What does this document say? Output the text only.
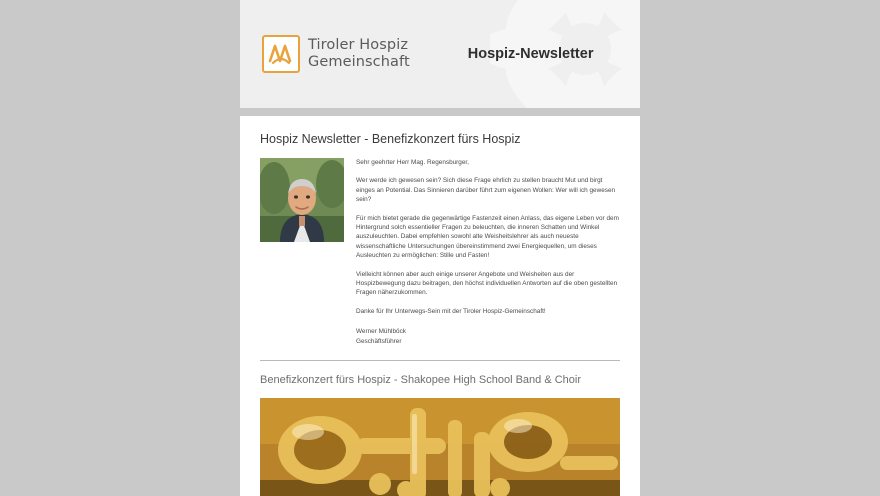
Tiroler Hospiz
Gemeinschaft	Hospiz-Newsletter
Hospiz Newsletter - Benefizkonzert fürs Hospiz

Sehr geehrter Herr Mag. Regensburger,

Wer werde ich gewesen sein? Sich diese Frage ehrlich zu stellen braucht Mut und birgt einges an Potential. Das Sinnieren darüber führt zum eigenen Wollen: Wer will ich gewesen sein?

Für mich bietet gerade die gegenwärtige Fastenzeit einen Anlass, das eigene Leben vor dem Hintergrund solch essentieller Fragen zu beleuchten, die inneren Schatten und Winkel auszuleuchten. Dabei empfehlen sowohl alte Weisheitslehrer als auch neueste wissenschaftliche Untersuchungen übereinstimmend zwei Energiequellen, um dieses Ausleuchten zu ermöglichen: Stille und Fasten!

Vielleicht können aber auch einige unserer Angebote und Weisheiten aus der Hospizbewegung dazu beitragen, den höchst individuellen Antworten auf die oben gestellten Fragen näherzukommen.

Danke für Ihr Unterwegs-Sein mit der Tiroler Hospiz-Gemeinschaft!

Werner Mühlböck
Geschäftsführer
Benefizkonzert fürs Hospiz - Shakopee High School Band & Choir
